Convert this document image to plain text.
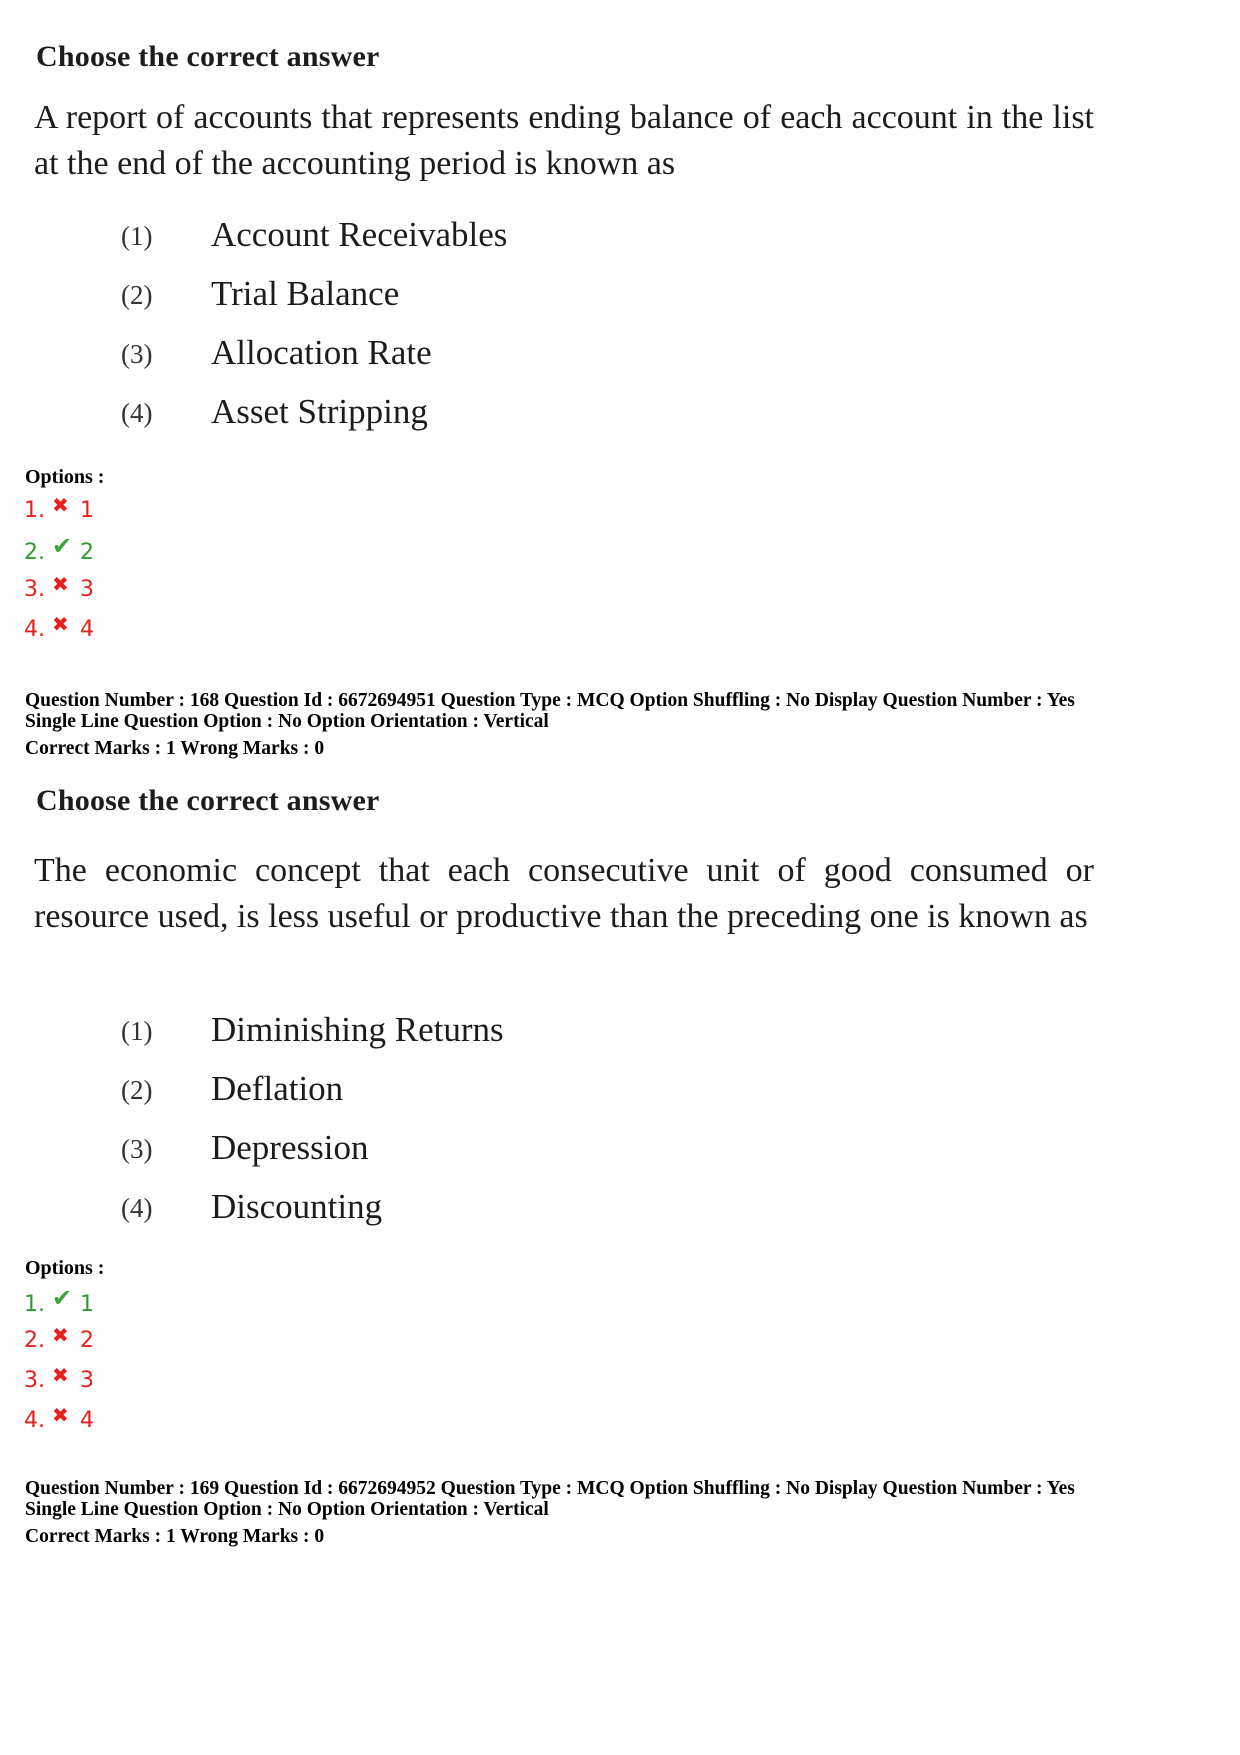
Choose the correct answer
A report of accounts that represents ending balance of each account in the list at the end of the accounting period is known as
(1) Account Receivables
(2) Trial Balance
(3) Allocation Rate
(4) Asset Stripping
Options :
1. ✖ 1
2. ✔ 2
3. ✖ 3
4. ✖ 4
Question Number : 168 Question Id : 6672694951 Question Type : MCQ Option Shuffling : No Display Question Number : Yes
Single Line Question Option : No Option Orientation : Vertical
Correct Marks : 1 Wrong Marks : 0
Choose the correct answer
The economic concept that each consecutive unit of good consumed or resource used, is less useful or productive than the preceding one is known as
(1) Diminishing Returns
(2) Deflation
(3) Depression
(4) Discounting
Options :
1. ✔ 1
2. ✖ 2
3. ✖ 3
4. ✖ 4
Question Number : 169 Question Id : 6672694952 Question Type : MCQ Option Shuffling : No Display Question Number : Yes
Single Line Question Option : No Option Orientation : Vertical
Correct Marks : 1 Wrong Marks : 0
